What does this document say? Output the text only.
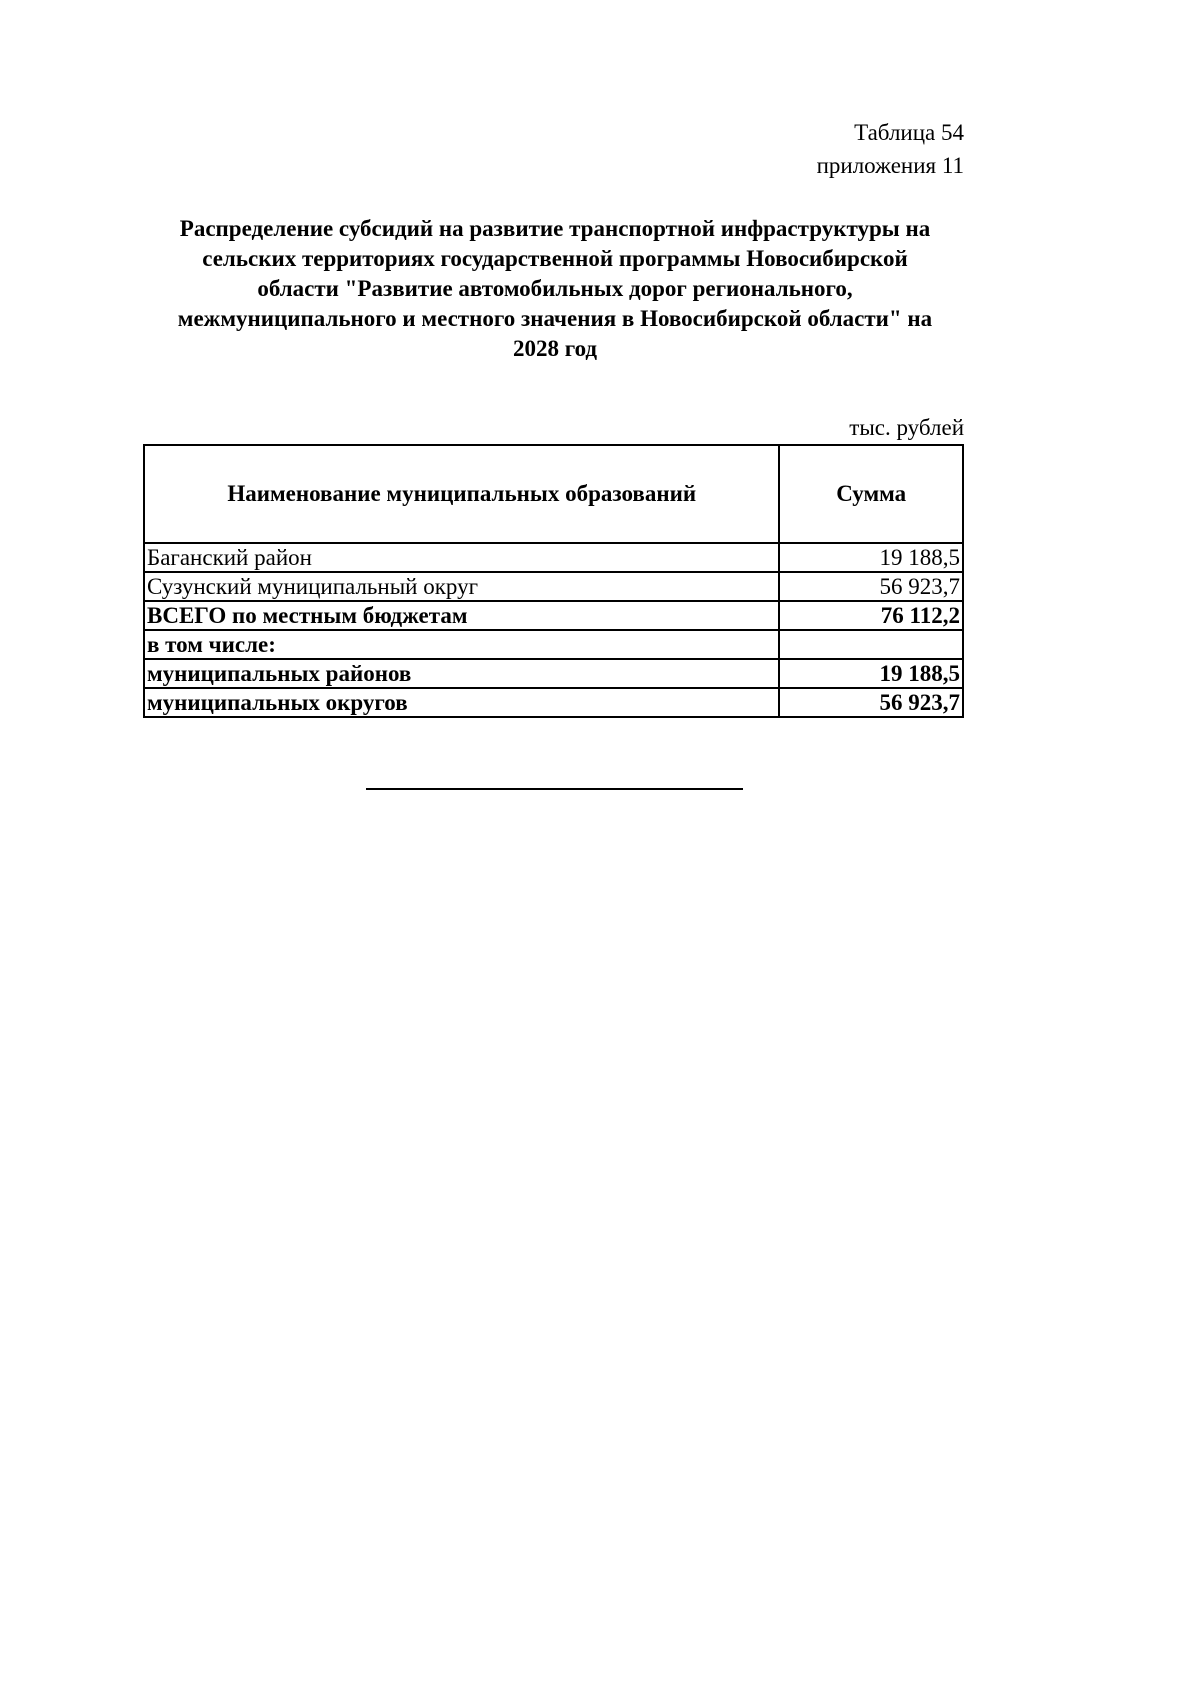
Таблица 54
приложения 11
Распределение субсидий на развитие транспортной инфраструктуры на
сельских территориях государственной программы Новосибирской
области "Развитие автомобильных дорог регионального,
межмуниципального и местного значения в Новосибирской области" на
2028 год
тыс. рублей
Наименование муниципальных образований	Сумма
Баганский район	19 188,5
Сузунский муниципальный округ	56 923,7
ВСЕГО по местным бюджетам	76 112,2
в том числе:	
муниципальных районов	19 188,5
муниципальных округов	56 923,7
